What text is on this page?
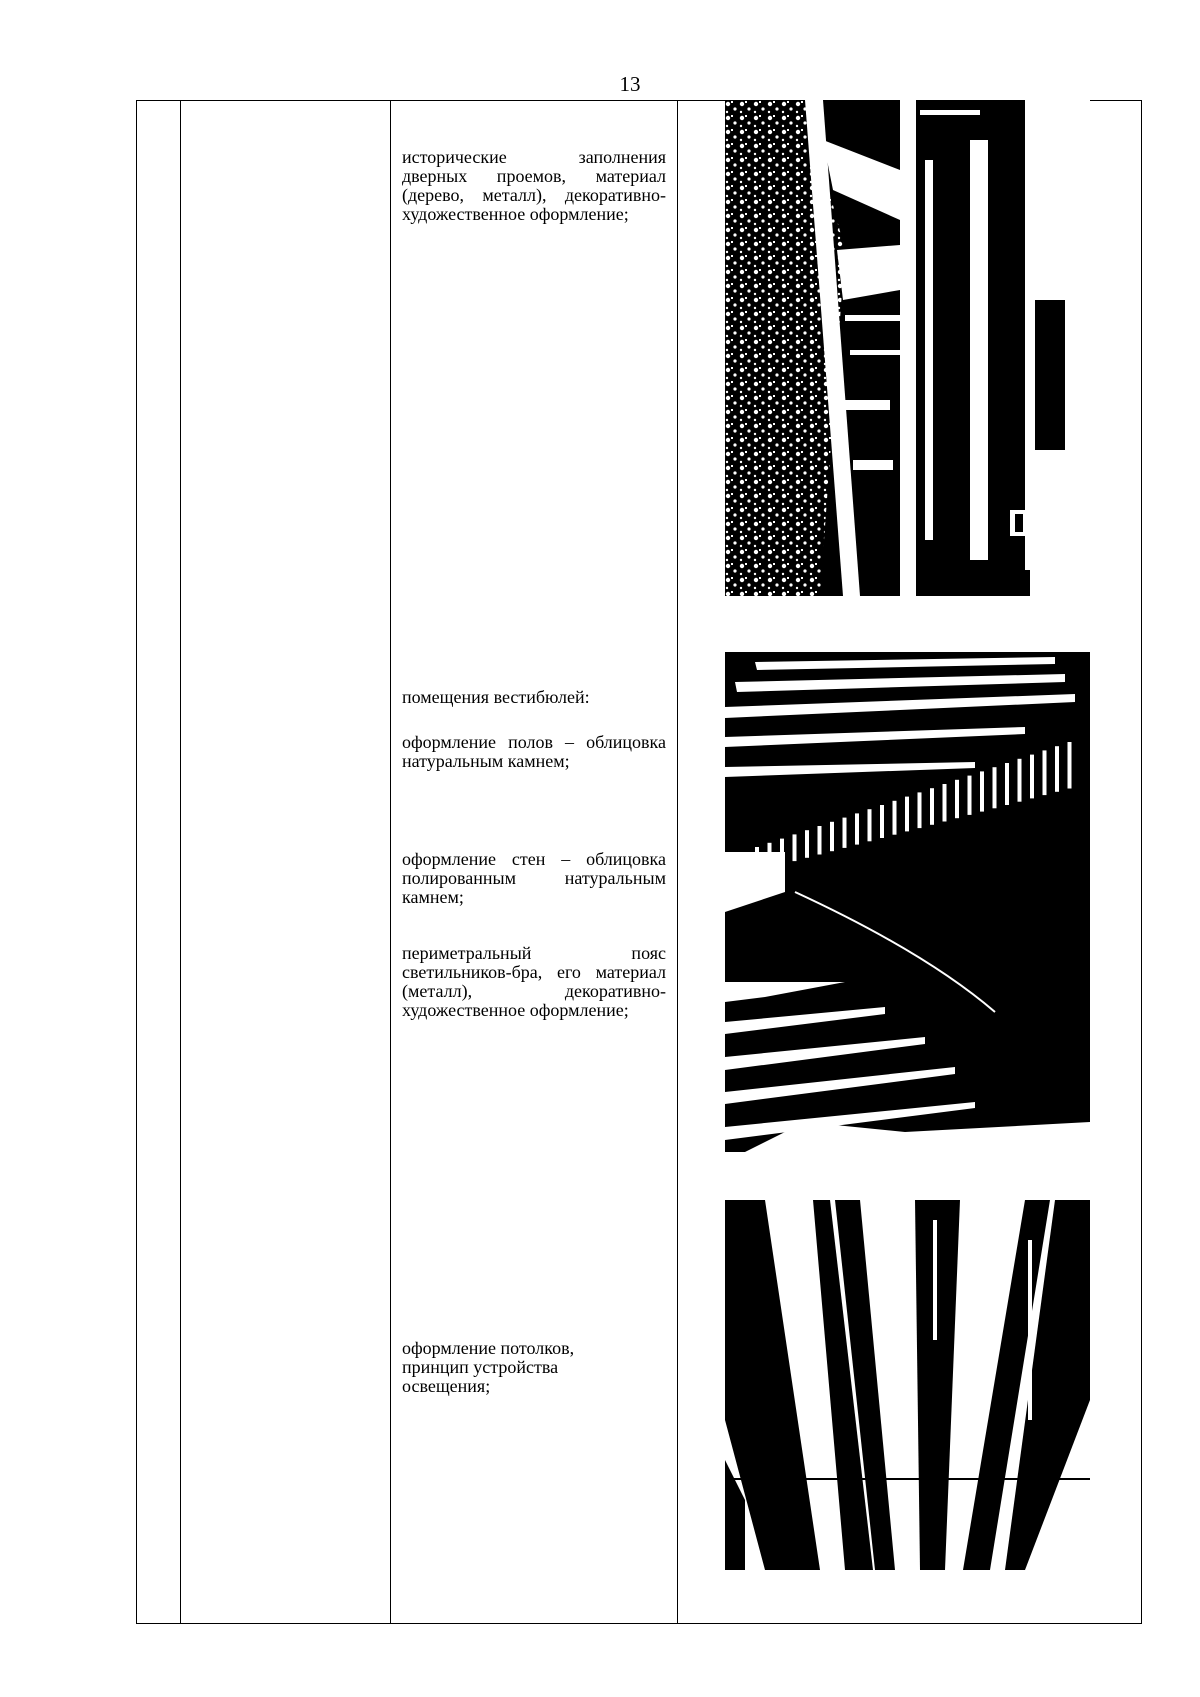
13
исторические заполнения дверных проемов, материал (дерево, металл), декоративно-художественное оформление;
помещения вестибюлей:
оформление полов – облицовка натуральным камнем;
оформление стен – облицовка полированным натуральным камнем;
периметральный пояс светильников-бра, его материал (металл), декоративно-художественное оформление;
оформление потолков, принцип устройства освещения;
